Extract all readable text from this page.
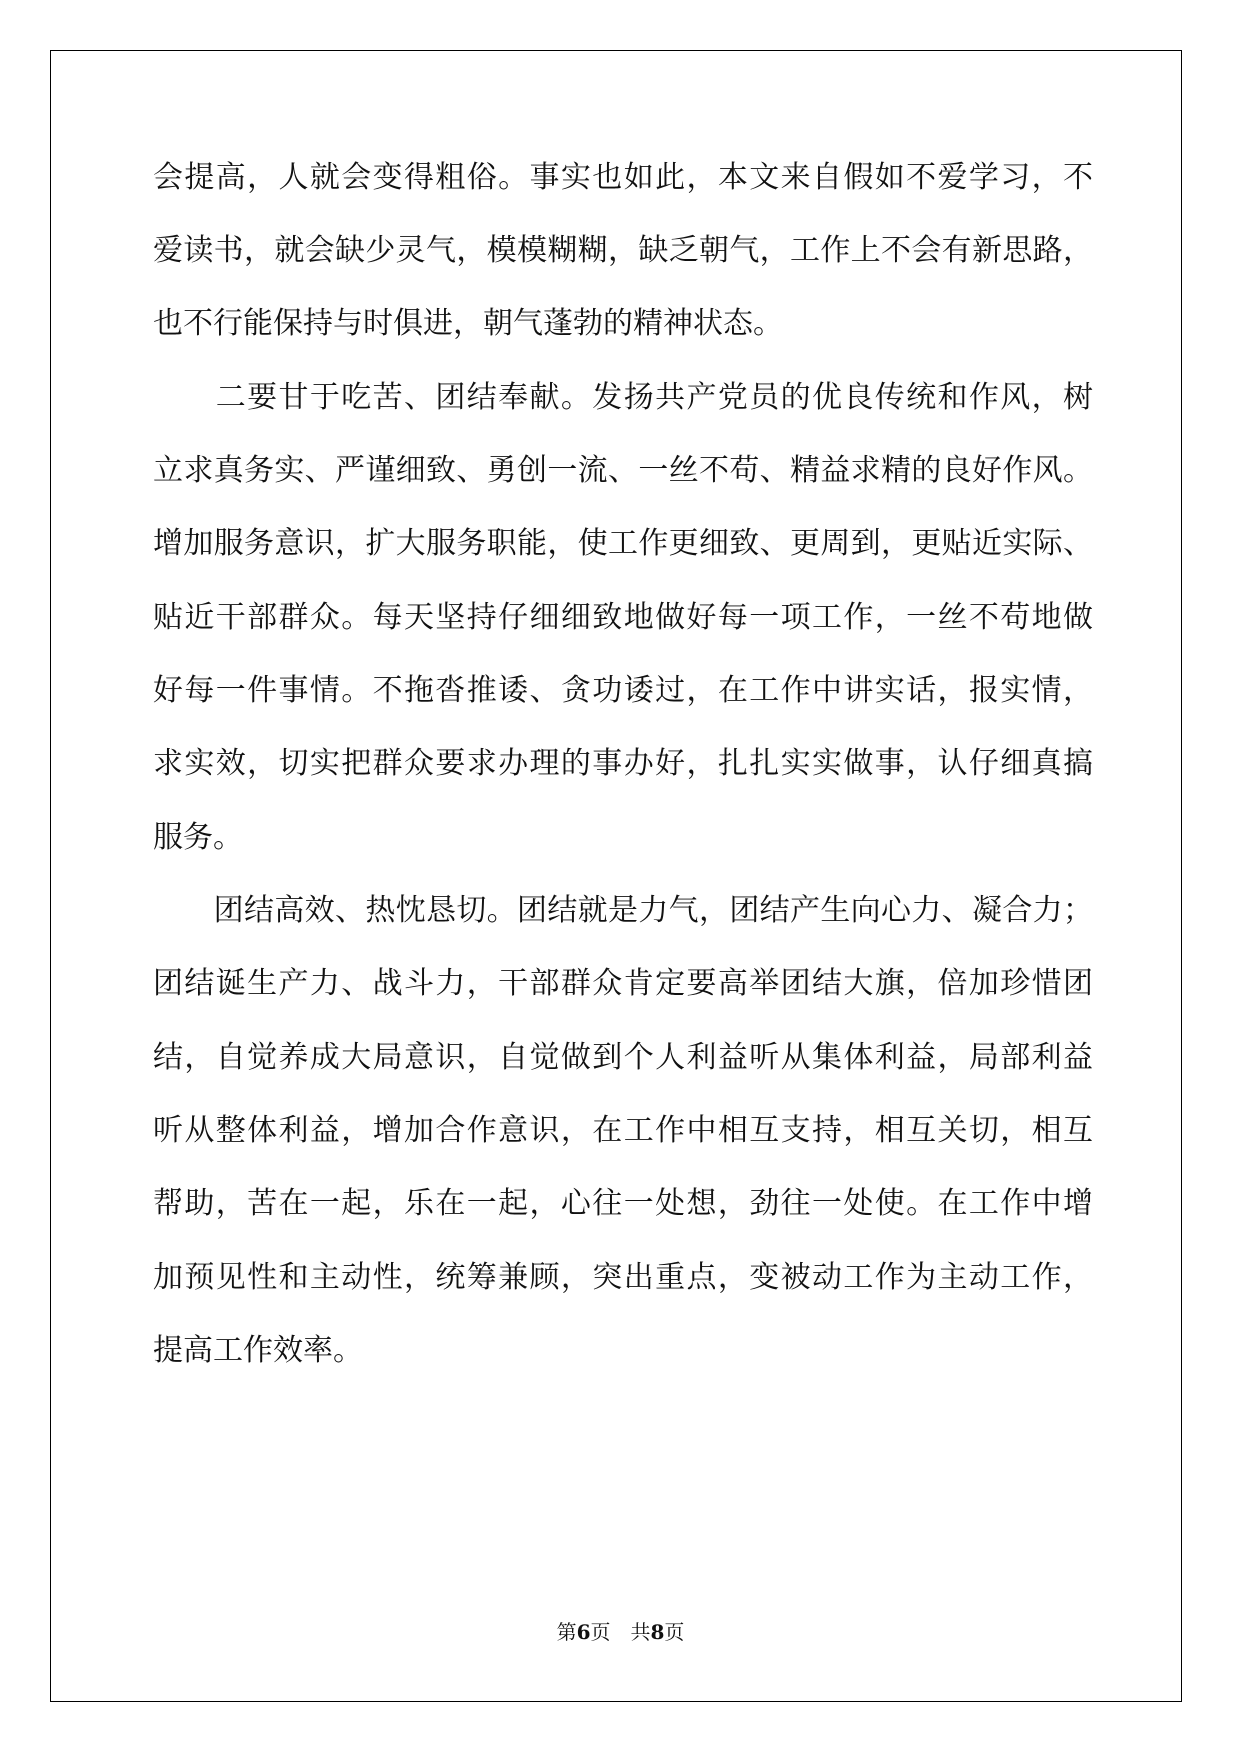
会提高，人就会变得粗俗。事实也如此，本文来自假如不爱学习，不
爱读书，就会缺少灵气，模模糊糊，缺乏朝气，工作上不会有新思路，
也不行能保持与时俱进，朝气蓬勃的精神状态。
　　二要甘于吃苦、团结奉献。发扬共产党员的优良传统和作风，树
立求真务实、严谨细致、勇创一流、一丝不苟、精益求精的良好作风。
增加服务意识，扩大服务职能，使工作更细致、更周到，更贴近实际、
贴近干部群众。每天坚持仔细细致地做好每一项工作，一丝不苟地做
好每一件事情。不拖沓推诿、贪功诿过，在工作中讲实话，报实情，
求实效，切实把群众要求办理的事办好，扎扎实实做事，认仔细真搞
服务。
　　团结高效、热忱恳切。团结就是力气，团结产生向心力、凝合力；
团结诞生产力、战斗力，干部群众肯定要高举团结大旗，倍加珍惜团
结，自觉养成大局意识，自觉做到个人利益听从集体利益，局部利益
听从整体利益，增加合作意识，在工作中相互支持，相互关切，相互
帮助，苦在一起，乐在一起，心往一处想，劲往一处使。在工作中增
加预见性和主动性，统筹兼顾，突出重点，变被动工作为主动工作，
提高工作效率。
第6页　共8页
